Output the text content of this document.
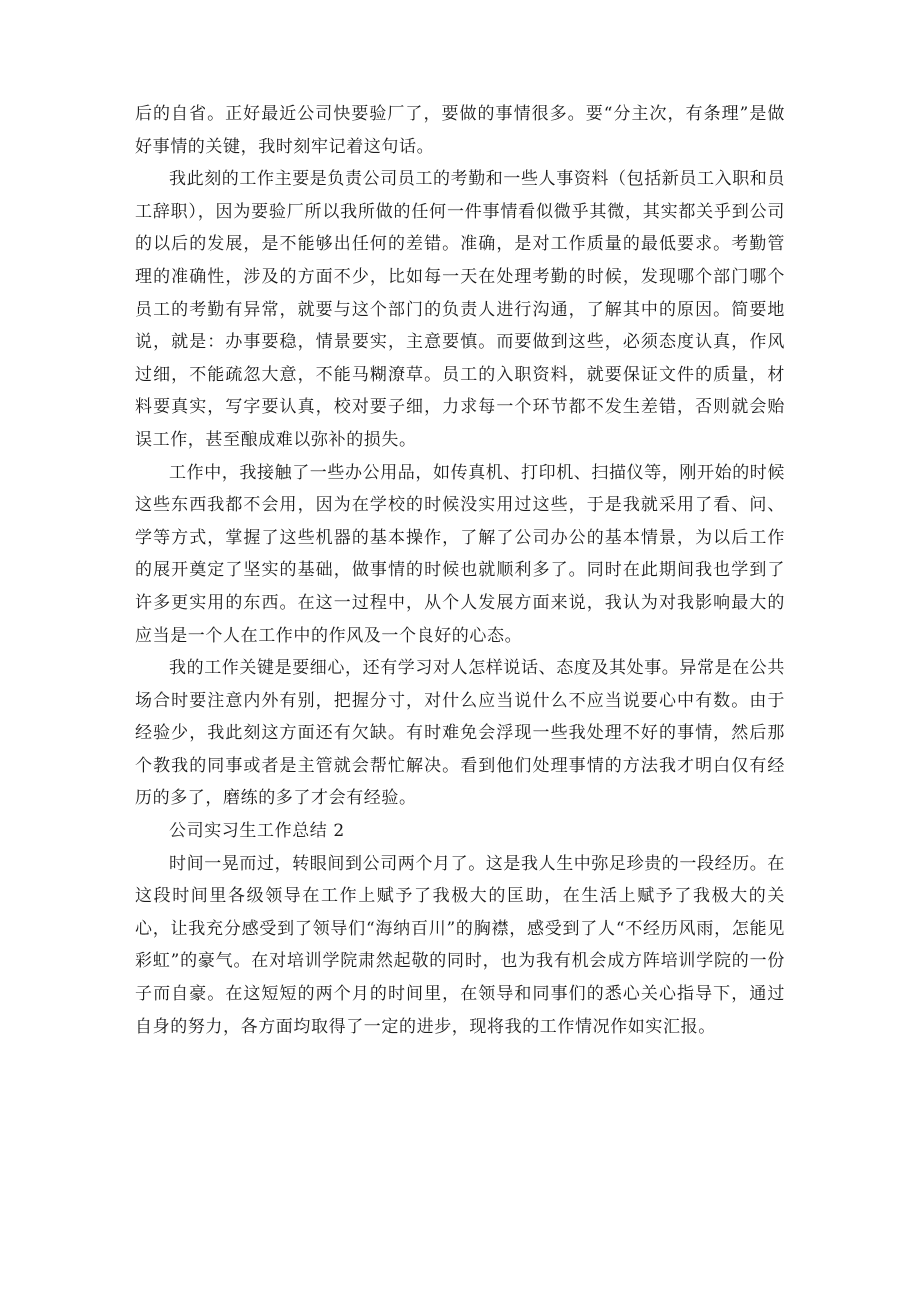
后的自省。正好最近公司快要验厂了，要做的事情很多。要“分主次，有条理”是做好事情的关键，我时刻牢记着这句话。

我此刻的工作主要是负责公司员工的考勤和一些人事资料（包括新员工入职和员工辞职），因为要验厂所以我所做的任何一件事情看似微乎其微，其实都关乎到公司的以后的发展，是不能够出任何的差错。准确，是对工作质量的最低要求。考勤管理的准确性，涉及的方面不少，比如每一天在处理考勤的时候，发现哪个部门哪个员工的考勤有异常，就要与这个部门的负责人进行沟通，了解其中的原因。简要地说，就是：办事要稳，情景要实，主意要慎。而要做到这些，必须态度认真，作风过细，不能疏忽大意，不能马糊潦草。员工的入职资料，就要保证文件的质量，材料要真实，写字要认真，校对要子细，力求每一个环节都不发生差错，否则就会贻误工作，甚至酿成难以弥补的损失。

工作中，我接触了一些办公用品，如传真机、打印机、扫描仪等，刚开始的时候这些东西我都不会用，因为在学校的时候没实用过这些，于是我就采用了看、问、学等方式，掌握了这些机器的基本操作，了解了公司办公的基本情景，为以后工作的展开奠定了坚实的基础，做事情的时候也就顺利多了。同时在此期间我也学到了许多更实用的东西。在这一过程中，从个人发展方面来说，我认为对我影响最大的应当是一个人在工作中的作风及一个良好的心态。

我的工作关键是要细心，还有学习对人怎样说话、态度及其处事。异常是在公共场合时要注意内外有别，把握分寸，对什么应当说什么不应当说要心中有数。由于经验少，我此刻这方面还有欠缺。有时难免会浮现一些我处理不好的事情，然后那个教我的同事或者是主管就会帮忙解决。看到他们处理事情的方法我才明白仅有经历的多了，磨练的多了才会有经验。

公司实习生工作总结 2

时间一晃而过，转眼间到公司两个月了。这是我人生中弥足珍贵的一段经历。在这段时间里各级领导在工作上赋予了我极大的匡助，在生活上赋予了我极大的关心，让我充分感受到了领导们“海纳百川”的胸襟，感受到了人“不经历风雨，怎能见彩虹”的豪气。在对培训学院肃然起敬的同时，也为我有机会成方阵培训学院的一份子而自豪。在这短短的两个月的时间里，在领导和同事们的悉心关心指导下，通过自身的努力，各方面均取得了一定的进步，现将我的工作情况作如实汇报。
